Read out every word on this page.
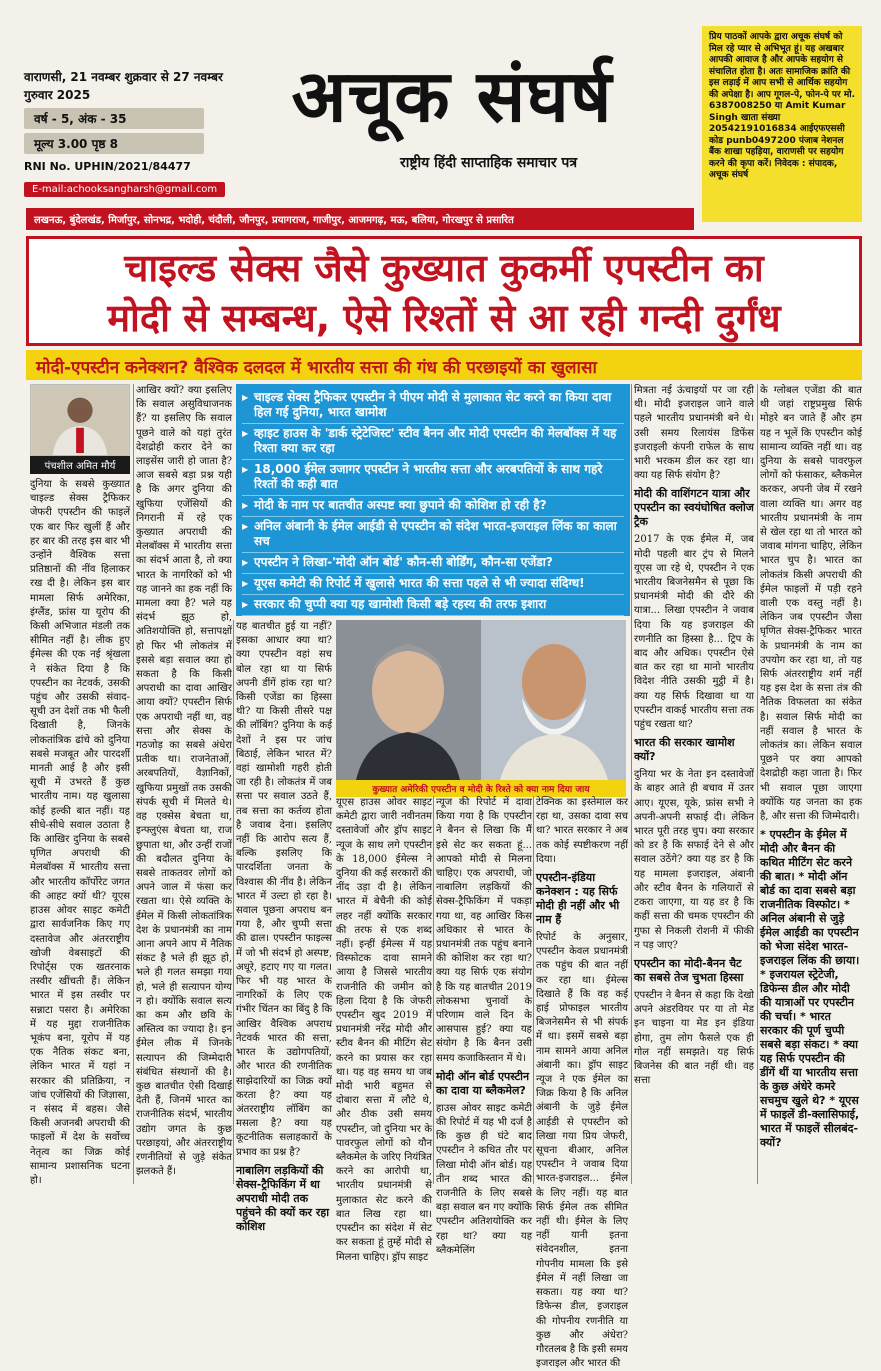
वाराणसी, 21 नवम्बर शुक्रवार से 27 नवम्बर गुरुवार 2025
वर्ष - 5, अंक - 35
मूल्य 3.00 पृष्ठ 8
RNI No. UPHIN/2021/84477
E-mail:achooksangharsh@gmail.com
अचूक संघर्ष
राष्ट्रीय हिंदी साप्ताहिक समाचार पत्र
प्रिय पाठकों आपके द्वारा अचूक संघर्ष को मिल रहे प्यार से अभिभूत हूं। यह अखबार आपकी आवाज है और आपके सहयोग से संचालित होता है। अतः सामाजिक क्रांति की इस लड़ाई में आप सभी से आर्थिक सहयोग की अपेक्षा है। आप गूगल-पे, फोन-पे पर मो. 6387008250 या Amit Kumar Singh खाता संख्या 20542191016834 आईएफएससी कोड punb0497200 पंजाब नेशनल बैंक शाखा पहड़िया, वाराणसी पर सहयोग करने की कृपा करें। निवेदक : संपादक, अचूक संघर्ष
लखनऊ, बुंदेलखंड, मिर्जापुर, सोनभद्र, भदोही, चंदौली, जौनपुर, प्रयागराज, गाजीपुर, आजमगढ़, मऊ, बलिया, गोरखपुर से प्रसारित
चाइल्ड सेक्स जैसे कुख्यात कुकर्मी एपस्टीन का
मोदी से सम्बन्ध, ऐसे रिश्तों से आ रही गन्दी दुर्गंध
मोदी-एपस्टीन कनेक्शन? वैश्विक दलदल में भारतीय सत्ता की गंध की परछाइयों का खुलासा
पंचशील अमित मौर्य
▶ चाइल्ड सेक्स ट्रैफिकर एपस्टीन ने पीएम मोदी से मुलाकात सेट करने का किया दावा हिल गई दुनिया, भारत खामोश
▶ व्हाइट हाउस के 'डार्क स्ट्रेटेजिस्ट' स्टीव बैनन और मोदी एपस्टीन की मेलबॉक्स में यह रिश्ता क्या कर रहा
▶ 18,000 ईमेल उजागर एपस्टीन ने भारतीय सत्ता और अरबपतियों के साथ गहरे रिश्तों की कही बात
▶ मोदी के नाम पर बातचीत अस्पष्ट क्या छुपाने की कोशिश हो रही है?
▶ अनिल अंबानी के ईमेल आईडी से एपस्टीन को संदेश भारत-इजराइल लिंक का काला सच
▶ एपस्टीन ने लिखा-'मोदी ऑन बोर्ड' कौन-सी बोर्डिंग, कौन-सा एजेंडा?
▶ यूएस कमेटी की रिपोर्ट में खुलासे भारत की सत्ता पहले से भी ज्यादा संदिग्ध!
▶ सरकार की चुप्पी क्या यह खामोशी किसी बड़े रहस्य की तरफ इशारा
कुख्यात अमेरिकी एपस्टीन व मोदी के रिश्ते को क्या नाम दिया जाय
दुनिया के सबसे कुख्यात चाइल्ड सेक्स ट्रैफिकर जेफरी एपस्टीन की फाइलें एक बार फिर खुलीं हैं और हर बार की तरह इस बार भी उन्होंने वैश्विक सत्ता प्रतिष्ठानों की नींव हिलाकर रख दी है। लेकिन इस बार मामला सिर्फ अमेरिका, इंग्लैंड, फ्रांस या यूरोप की किसी अभिजात मंडली तक सीमित नहीं है। लीक हुए ईमेल्स की एक नई श्रृंखला ने संकेत दिया है कि एपस्टीन का नेटवर्क, उसकी पहुंच और उसकी संवाद-सूची उन देशों तक भी फैली दिखाती है, जिनके लोकतांत्रिक ढांचे को दुनिया सबसे मजबूत और पारदर्शी मानती आई है और इसी सूची में उभरते हैं कुछ भारतीय नाम। यह खुलासा कोई हल्की बात नहीं। यह सीधे-सीधे सवाल उठाता है कि आखिर दुनिया के सबसे घृणित अपराधी की मेलबॉक्स में भारतीय सत्ता और भारतीय कॉर्पोरेट जगत की आहट क्यों थी? यूएस हाउस ओवर साइट कमेटी द्वारा सार्वजनिक किए गए दस्तावेज और अंतरराष्ट्रीय खोजी वेबसाइटों की रिपोर्ट्स एक खतरनाक तस्वीर खींचती हैं। लेकिन भारत में इस तस्वीर पर सन्नाटा पसरा है। अमेरिका में यह मुद्दा राजनीतिक भूकंप बना, यूरोप में यह एक नैतिक संकट बना, लेकिन भारत में यहां न सरकार की प्रतिक्रिया, न जांच एजेंसियों की जिज्ञासा, न संसद में बहस। जैसे किसी अजनबी अपराधी की फाइलों में देश के सर्वोच्च नेतृत्व का जिक्र कोई सामान्य प्रशासनिक घटना हो।
आखिर क्यों? क्या इसलिए कि सवाल असुविधाजनक हैं? या इसलिए कि सवाल पूछने वाले को यहां तुरंत देशद्रोही करार देने का लाइसेंस जारी हो जाता है? आज सबसे बड़ा प्रश्न यही है कि अगर दुनिया की खुफिया एजेंसियों की निगरानी में रहे एक कुख्यात अपराधी की मेलबॉक्स में भारतीय सत्ता का संदर्भ आता है, तो क्या भारत के नागरिकों को भी यह जानने का हक नहीं कि मामला क्या है? भले यह संदर्भ झूठ हो, अतिशयोक्ति हो, सत्तापक्षों हो फिर भी लोकतंत्र में इससे बड़ा सवाल क्या हो सकता है कि किसी अपराधी का दावा आखिर आया क्यों? एपस्टीन सिर्फ एक अपराधी नहीं था, वह सत्ता और सेक्स के गठजोड़ का सबसे अंधेरा प्रतीक था। राजनेताओं, अरबपतियों, वैज्ञानिकों, खुफिया प्रमुखों तक उसकी संपर्क सूची में मिलते थे। वह एक्सेस बेचता था, इन्फ्लुएंस बेचता था, राज छुपाता था, और उन्हीं राजों की बदौलत दुनिया के सबसे ताकतवर लोगों को अपने जाल में फंसा कर रखता था। ऐसे व्यक्ति के ईमेल में किसी लोकतांत्रिक देश के प्रधानमंत्री का नाम आना अपने आप में नैतिक संकट है भले ही झूठ हो, भले ही गलत समझा गया हो, भले ही सत्यापन योग्य न हो। क्योंकि सवाल सत्य का कम और छवि के अस्तित्व का ज्यादा है। इन ईमेल लीक में जिनके सत्यापन की जिम्मेदारी संबंधित संस्थानों की है। कुछ बातचीत ऐसी दिखाई देती हैं, जिनमें भारत का राजनीतिक संदर्भ, भारतीय उद्योग जगत के कुछ परछाइयां, और अंतरराष्ट्रीय रणनीतियों से जुड़े संकेत झलकते हैं।
यह बातचीत हुई या नहीं? इसका आधार क्या था? क्या एपस्टीन वहां सच बोल रहा था या सिर्फ अपनी डींगें हांक रहा था? किसी एजेंडा का हिस्सा थी? या किसी तीसरे पक्ष की लॉबिंग? दुनिया के कई देशों ने इस पर जांच बिठाई, लेकिन भारत में? वहां खामोशी गहरी होती जा रही है। लोकतंत्र में जब सत्ता पर सवाल उठते हैं, तब सत्ता का कर्तव्य होता है जवाब देना। इसलिए नहीं कि आरोप सत्य हैं, बल्कि इसलिए कि पारदर्शिता जनता के विश्वास की नींव है। लेकिन भारत में उल्टा हो रहा है। सवाल पूछना अपराध बन गया है, और चुप्पी सत्ता की ढाल। एपस्टीन फाइल्स में जो भी संदर्भ हो अस्पष्ट, अधूरे, हटाए गए या गलत। फिर भी यह भारत के नागरिकों के लिए एक गंभीर चिंतन का बिंदु है कि आखिर वैश्विक अपराध नेटवर्क भारत की सत्ता, भारत के उद्योगपतियों, और भारत की रणनीतिक साझेदारियों का जिक्र क्यों करता है? क्या यह अंतरराष्ट्रीय लॉबिंग का मसला है? क्या यह कूटनीतिक सलाहकारों के प्रभाव का प्रश्न है?
नाबालिग लड़कियों की सेक्स-ट्रैफिकिंग में था अपराधी मोदी तक पहुंचने की क्यों कर रहा कोशिश
यूएस हाउस ओवर साइट कमेटी द्वारा जारी नवीनतम दस्तावेजों और ड्रॉप साइट न्यूज के साथ लगे एपस्टीन के 18,000 ईमेल्स ने दुनिया की कई सरकारों की नींद उड़ा दी है। लेकिन भारत में बेचैनी की कोई लहर नहीं क्योंकि सरकार की तरफ से एक शब्द नहीं। इन्हीं ईमेल्स में यह विस्फोटक दावा सामने आया है जिससे भारतीय राजनीति की जमीन को हिला दिया है कि जेफरी एपस्टीन खुद 2019 में प्रधानमंत्री नरेंद्र मोदी और स्टीव बैनन की मीटिंग सेट करने का प्रयास कर रहा था। यह वह समय था जब मोदी भारी बहुमत से दोबारा सत्ता में लौटे थे, और ठीक उसी समय एपस्टीन, जो दुनिया भर के पावरफुल लोगों को यौन ब्लैकमेल के जरिए नियंत्रित करने का आरोपी था, भारतीय प्रधानमंत्री से मुलाकात सेट करने की बात लिख रहा था। एपस्टीन का संदेश में सेट कर सकता हूं तुम्हें मोदी से मिलना चाहिए। ड्रॉप साइट
न्यूज की रिपोर्ट में दावा किया गया है कि एपस्टीन ने बैनन से लिखा कि मैं इसे सेट कर सकता हूं... आपको मोदी से मिलना चाहिए। एक अपराधी, जो नाबालिग लड़कियों की सेक्स-ट्रैफिकिंग में पकड़ा गया था, वह आखिर किस अधिकार से भारत के प्रधानमंत्री तक पहुंच बनाने की कोशिश कर रहा था? क्या यह सिर्फ एक संयोग है कि यह बातचीत 2019 लोकसभा चुनावों के परिणाम वाले दिन के आसपास हुई? क्या यह संयोग है कि बैनन उसी समय कजाकिस्तान में थे।
मोदी ऑन बोर्ड एपस्टीन का दावा या ब्लैकमेल?
हाउस ओवर साइट कमेटी की रिपोर्ट में यह भी दर्ज है कि कुछ ही घंटे बाद एपस्टीन ने कथित तौर पर लिखा मोदी ऑन बोर्ड। यह तीन शब्द भारत की राजनीति के लिए सबसे बड़ा सवाल बन गए क्योंकि एपस्टीन अतिशयोक्ति कर रहा था? क्या यह ब्लैकमेलिंग
टेक्निक का इस्तेमाल कर रहा था, उसका दावा सच था? भारत सरकार ने अब तक कोई स्पष्टीकरण नहीं दिया।
एपस्टीन-इंडिया कनेक्शन : यह सिर्फ मोदी ही नहीं और भी नाम हैं
रिपोर्ट के अनुसार, एपस्टीन केवल प्रधानमंत्री तक पहुंच की बात नहीं कर रहा था। ईमेल्स दिखाते हैं कि वह कई हाई प्रोफाइल भारतीय बिजनेसमैन से भी संपर्क में था। इसमें सबसे बड़ा नाम सामने आया अनिल अंबानी का। ड्रॉप साइट न्यूज ने एक ईमेल का जिक्र किया है कि अनिल अंबानी के जुड़े ईमेल आईडी से एपस्टीन को लिखा गया प्रिय जेफरी, सूचना बीआर, अनिल एपस्टीन ने जवाब दिया भारत-इजराइल... ईमेल के लिए नहीं। यह बात सिर्फ ईमेल तक सीमित नहीं थी। ईमेल के लिए नहीं यानी इतना संवेदनशील, इतना गोपनीय मामला कि इसे ईमेल में नहीं लिखा जा सकता। यह क्या था? डिफेन्स डील, इजराइल की गोपनीय रणनीति या कुछ और अंधेरा? गौरतलब है कि इसी समय इजराइल और भारत की
मित्रता नई ऊंचाइयों पर जा रही थी। मोदी इजराइल जाने वाले पहले भारतीय प्रधानमंत्री बने थे। उसी समय रिलायंस डिफेंस इजराइली कंपनी राफेल के साथ भारी भरकम डील कर रहा था। क्या यह सिर्फ संयोग है?
मोदी की वाशिंगटन यात्रा और एपस्टीन का स्वयंघोषित क्लोज ट्रैक
2017 के एक ईमेल में, जब मोदी पहली बार ट्रंप से मिलने यूएस जा रहे थे, एपस्टीन ने एक भारतीय बिजनेसमैन से पूछा कि प्रधानमंत्री मोदी की दौरे की यात्रा... लिखा एपस्टीन ने जवाब दिया कि यह इजराइल की रणनीति का हिस्सा है... ट्रिप के बाद और अधिक। एपस्टीन ऐसे बात कर रहा था मानो भारतीय विदेश नीति उसकी मुट्ठी में है। क्या यह सिर्फ दिखावा था या एपस्टीन वाकई भारतीय सत्ता तक पहुंच रखता था?
भारत की सरकार खामोश क्यों?
दुनिया भर के नेता इन दस्तावेजों के बाहर आते ही बचाव में उतर आए। यूएस, यूके, फ्रांस सभी ने अपनी-अपनी सफाई दी। लेकिन भारत पूरी तरह चुप। क्या सरकार को डर है कि सफाई देने से और सवाल उठेंगे? क्या यह डर है कि यह मामला इजराइल, अंबानी और स्टीव बैनन के गलियारों से टकरा जाएगा, या यह डर है कि कहीं सत्ता की चमक एपस्टीन की गुफा से निकली रोशनी में फीकी न पड़ जाए?
एपस्टीन का मोदी-बैनन चैट का सबसे तेज चुभता हिस्सा
एपस्टीन ने बैनन से कहा कि देखो अपने अंडरवियर पर या तो मेड इन चाइना या मेड इन इंडिया होगा, तुम लोग फैसले एक ही गोल नहीं समझते। यह सिर्फ बिजनेस की बात नहीं थी। वह सत्ता
के ग्लोबल एजेंडा की बात थी जहां राष्ट्रप्रमुख सिर्फ मोहरे बन जाते हैं और हम यह न भूलें कि एपस्टीन कोई सामान्य व्यक्ति नहीं था। वह दुनिया के सबसे पावरफुल लोगों को फंसाकर, ब्लैकमेल करकर, अपनी जेब में रखने वाला व्यक्ति था। अगर वह भारतीय प्रधानमंत्री के नाम से खेल रहा था तो भारत को जवाब मांगना चाहिए, लेकिन भारत चुप है। भारत का लोकतंत्र किसी अपराधी की ईमेल फाइलों में पड़ी रहने वाली एक वस्तु नहीं है। लेकिन जब एपस्टीन जैसा घृणित सेक्स-ट्रैफिकर भारत के प्रधानमंत्री के नाम का उपयोग कर रहा था, तो यह सिर्फ अंतरराष्ट्रीय शर्म नहीं यह इस देश के सत्ता तंत्र की नैतिक विफलता का संकेत है। सवाल सिर्फ मोदी का नहीं सवाल है भारत के लोकतंत्र का। लेकिन सवाल पूछने पर क्या आपको देशद्रोही कहा जाता है। फिर भी सवाल पूछा जाएगा क्योंकि यह जनता का हक है, और सत्ता की जिम्मेदारी।
* एपस्टीन के ईमेल में मोदी और बैनन की कथित मीटिंग सेट करने की बात। * मोदी ऑन बोर्ड का दावा सबसे बड़ा राजनीतिक विस्फोट। * अनिल अंबानी से जुड़े ईमेल आईडी का एपस्टीन को भेजा संदेश भारत-इजराइल लिंक की छाया। * इजरायल स्ट्रेटेजी, डिफेन्स डील और मोदी की यात्राओं पर एपस्टीन की चर्चा। * भारत सरकार की पूर्ण चुप्पी सबसे बड़ा संकट। * क्या यह सिर्फ एपस्टीन की डींगें थीं या भारतीय सत्ता के कुछ अंधेरे कमरे सचमुच खुले थे? * यूएस में फाइलें डी-क्लासिफाई, भारत में फाइलें सीलबंद-क्यों?
